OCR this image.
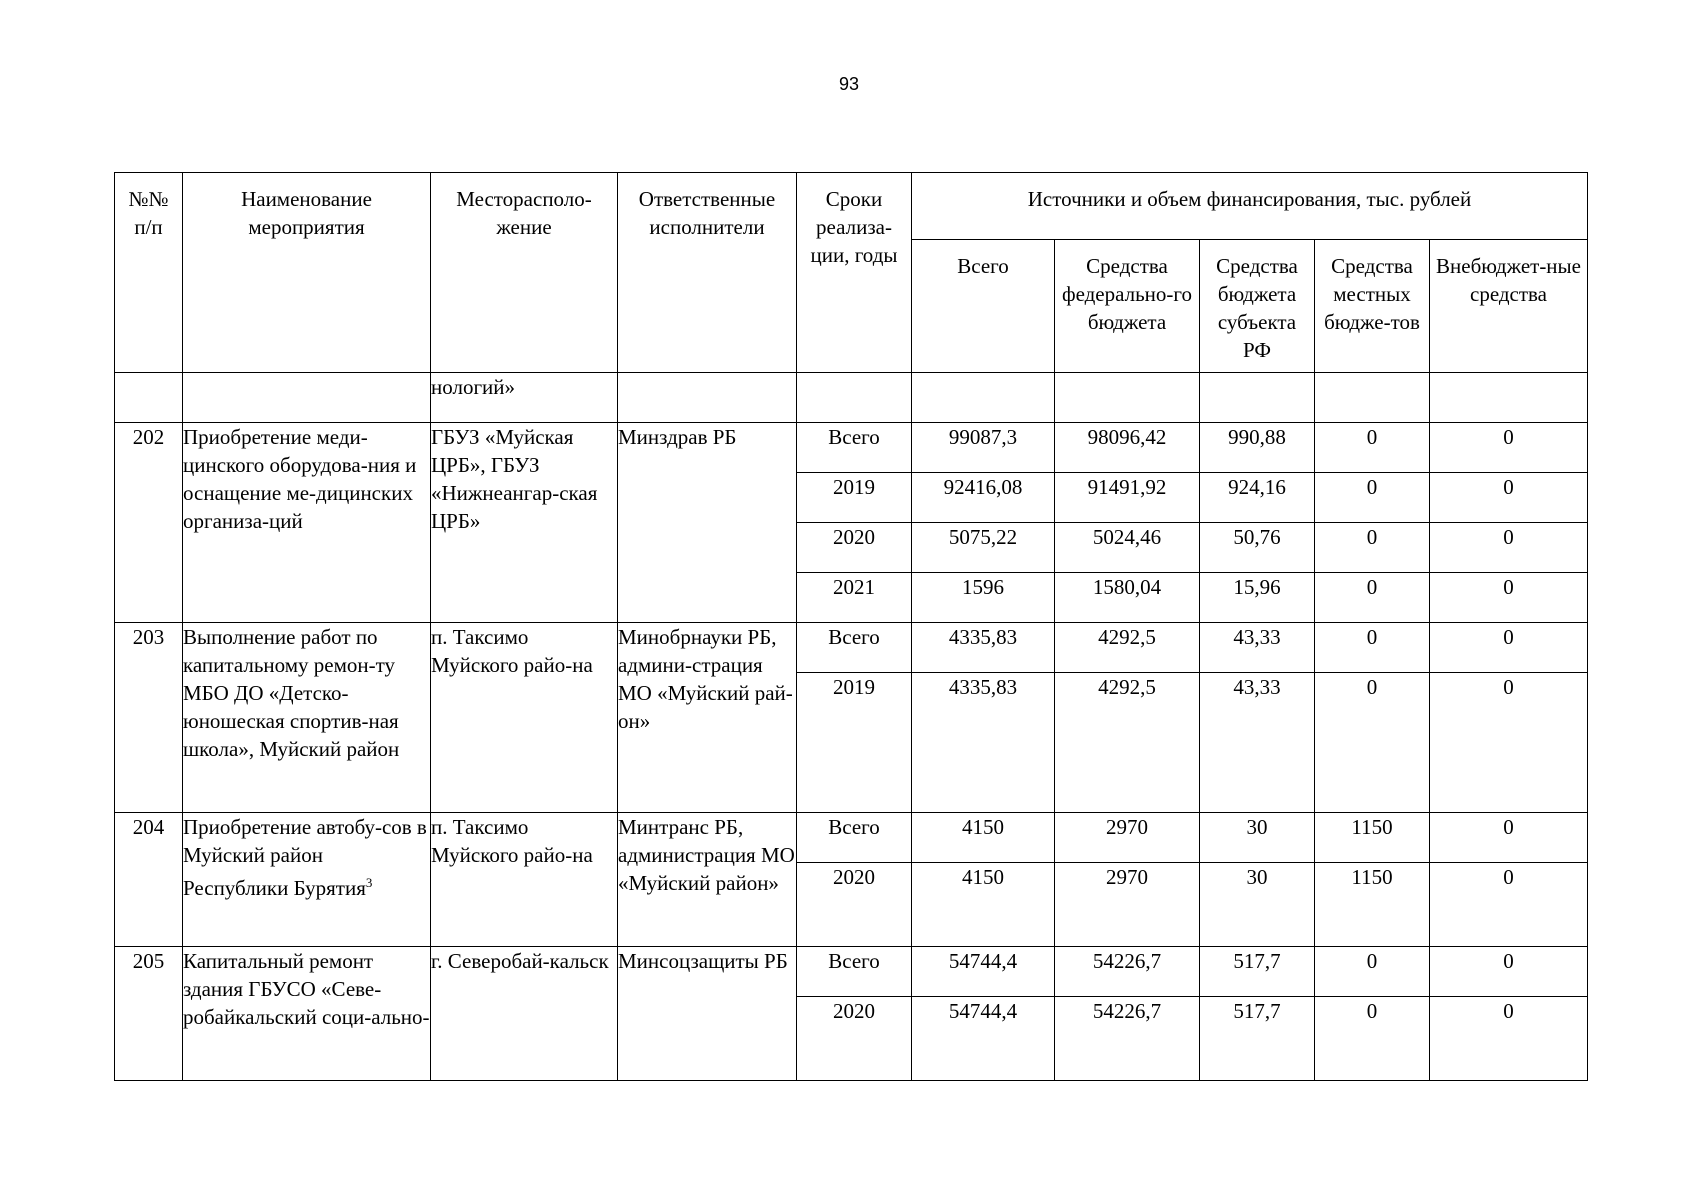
93
№№ п/п	Наименование мероприятия	Месторасполо-жение	Ответственные исполнители	Сроки реализа-ции, годы	Источники и объем финансирования, тыс. рублей				
					Всего	Средства федерально-го бюджета	Средства бюджета субъекта РФ	Средства местных бюдже-тов	Внебюджет-ные средства
		нологий»							
202	Приобретение меди-цинского оборудова-ния и оснащение ме-дицинских организа-ций	ГБУЗ «Муйская ЦРБ», ГБУЗ «Нижнеангар-ская ЦРБ»	Минздрав РБ	Всего	99087,3	98096,42	990,88	0	0
				2019	92416,08	91491,92	924,16	0	0
				2020	5075,22	5024,46	50,76	0	0
				2021	1596	1580,04	15,96	0	0
203	Выполнение работ по капитальному ремон-ту МБО ДО «Детско-юношеская спортив-ная школа», Муйский район	п. Таксимо Муйского райо-на	Минобрнауки РБ, админи-страция МО «Муйский рай-он»	Всего	4335,83	4292,5	43,33	0	0
				2019	4335,83	4292,5	43,33	0	0
204	Приобретение автобу-сов в Муйский район Республики Бурятия$^3$	п. Таксимо Муйского райо-на	Минтранс РБ, администрация МО «Муйский район»	Всего	4150	2970	30	1150	0
				2020	4150	2970	30	1150	0
205	Капитальный ремонт здания ГБУСО «Севе-робайкальский соци-ально-	г. Северобай-кальск	Минсоцзащиты РБ	Всего	54744,4	54226,7	517,7	0	0
				2020	54744,4	54226,7	517,7	0	0
